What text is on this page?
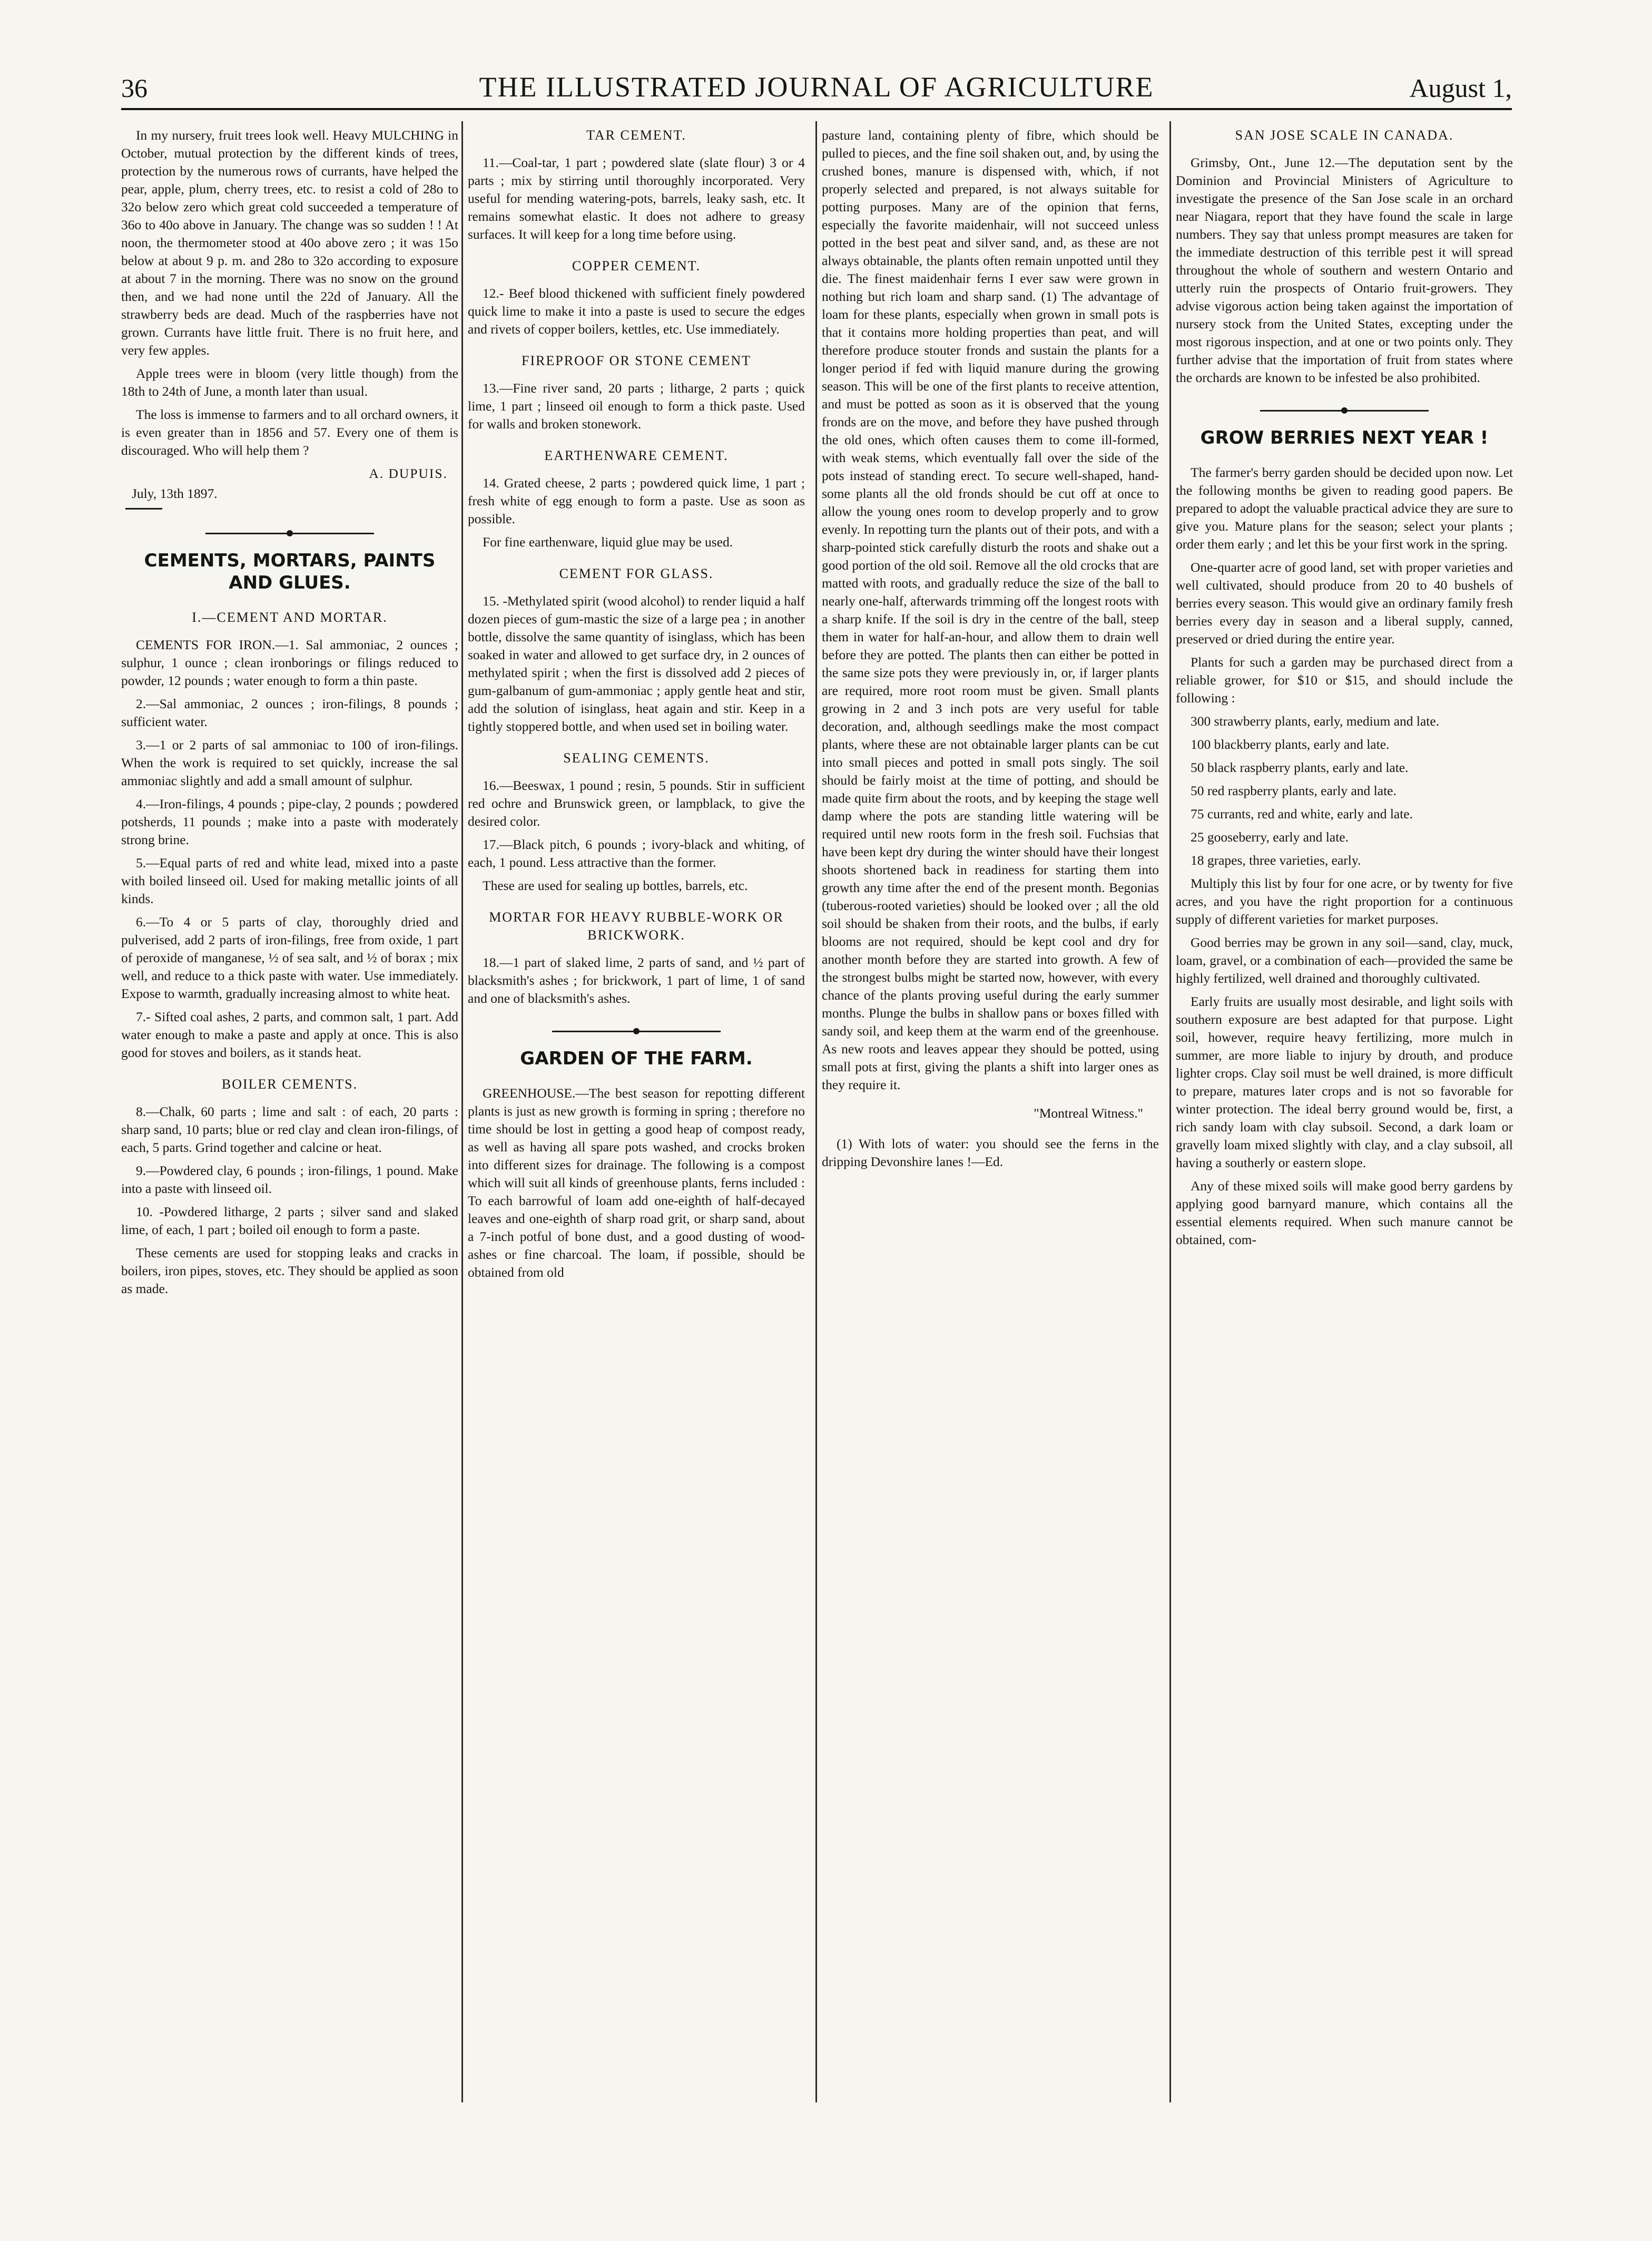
36	THE ILLUSTRATED JOURNAL OF AGRICULTURE	August 1,

In my nursery, fruit trees look well. Heavy MULCHING in October, mutual protection by the different kinds of trees, protection by the numerous rows of currants, have helped the pear, apple, plum, cherry trees, etc. to resist a cold of 28o to 32o below zero which great cold succeeded a temperature of 36o to 40o above in January. The change was so sudden ! ! At noon, the thermometer stood at 40o above zero ; it was 15o below at about 9 p. m. and 28o to 32o according to exposure at about 7 in the morning. There was no snow on the ground then, and we had none until the 22d of January. All the strawberry beds are dead. Much of the raspberries have not grown. Currants have little fruit. There is no fruit here, and very few apples.

Apple trees were in bloom (very little though) from the 18th to 24th of June, a month later than usual.

The loss is immense to farmers and to all orchard owners, it is even greater than in 1856 and 57. Every one of them is discouraged. Who will help them ?

A. DUPUIS.
July, 13th 1897.
CEMENTS, MORTARS, PAINTS AND GLUES.
I.—CEMENT AND MORTAR.

CEMENTS FOR IRON.—1. Sal ammoniac, 2 ounces ; sulphur, 1 ounce ; clean ironborings or filings reduced to powder, 12 pounds ; water enough to form a thin paste.

2.—Sal ammoniac, 2 ounces ; iron-filings, 8 pounds ; sufficient water.

3.—1 or 2 parts of sal ammoniac to 100 of iron-filings. When the work is required to set quickly, increase the sal ammoniac slightly and add a small amount of sulphur.

4.—Iron-filings, 4 pounds ; pipe-clay, 2 pounds ; powdered potsherds, 11 pounds ; make into a paste with moderately strong brine.

5.—Equal parts of red and white lead, mixed into a paste with boiled linseed oil. Used for making metallic joints of all kinds.

6.—To 4 or 5 parts of clay, thoroughly dried and pulverised, add 2 parts of iron-filings, free from oxide, 1 part of peroxide of manganese, ½ of sea salt, and ½ of borax ; mix well, and reduce to a thick paste with water. Use immediately. Expose to warmth, gradually increasing almost to white heat.

7.- Sifted coal ashes, 2 parts, and common salt, 1 part. Add water enough to make a paste and apply at once. This is also good for stoves and boilers, as it stands heat.

BOILER CEMENTS.

8.—Chalk, 60 parts ; lime and salt : of each, 20 parts : sharp sand, 10 parts; blue or red clay and clean iron-filings, of each, 5 parts. Grind together and calcine or heat.

9.—Powdered clay, 6 pounds ; iron-filings, 1 pound. Make into a paste with linseed oil.

10. -Powdered litharge, 2 parts ; silver sand and slaked lime, of each, 1 part ; boiled oil enough to form a paste.

These cements are used for stopping leaks and cracks in boilers, iron pipes, stoves, etc. They should be applied as soon as made.

TAR CEMENT.

11.—Coal-tar, 1 part ; powdered slate (slate flour) 3 or 4 parts ; mix by stirring until thoroughly incorporated. Very useful for mending watering-pots, barrels, leaky sash, etc. It remains somewhat elastic. It does not adhere to greasy surfaces. It will keep for a long time before using.

COPPER CEMENT.

12.- Beef blood thickened with sufficient finely powdered quick lime to make it into a paste is used to secure the edges and rivets of copper boilers, kettles, etc. Use immediately.

FIREPROOF OR STONE CEMENT

13.—Fine river sand, 20 parts ; litharge, 2 parts ; quick lime, 1 part ; linseed oil enough to form a thick paste. Used for walls and broken stonework.

EARTHENWARE CEMENT.

14. Grated cheese, 2 parts ; powdered quick lime, 1 part ; fresh white of egg enough to form a paste. Use as soon as possible.

For fine earthenware, liquid glue may be used.

CEMENT FOR GLASS.

15. -Methylated spirit (wood alcohol) to render liquid a half dozen pieces of gum-mastic the size of a large pea ; in another bottle, dissolve the same quantity of isinglass, which has been soaked in water and allowed to get surface dry, in 2 ounces of methylated spirit ; when the first is dissolved add 2 pieces of gum-galbanum of gum-ammoniac ; apply gentle heat and stir, add the solution of isinglass, heat again and stir. Keep in a tightly stoppered bottle, and when used set in boiling water.

SEALING CEMENTS.

16.—Beeswax, 1 pound ; resin, 5 pounds. Stir in sufficient red ochre and Brunswick green, or lampblack, to give the desired color.

17.—Black pitch, 6 pounds ; ivory-black and whiting, of each, 1 pound. Less attractive than the former.

These are used for sealing up bottles, barrels, etc.

MORTAR FOR HEAVY RUBBLE-WORK OR BRICKWORK.

18.—1 part of slaked lime, 2 parts of sand, and ½ part of blacksmith's ashes ; for brickwork, 1 part of lime, 1 of sand and one of blacksmith's ashes.

GARDEN OF THE FARM.

GREENHOUSE.—The best season for repotting different plants is just as new growth is forming in spring ; therefore no time should be lost in getting a good heap of compost ready, as well as having all spare pots washed, and crocks broken into different sizes for drainage. The following is a compost which will suit all kinds of greenhouse plants, ferns included : To each barrowful of loam add one-eighth of half-decayed leaves and one-eighth of sharp road grit, or sharp sand, about a 7-inch potful of bone dust, and a good dusting of wood-ashes or fine charcoal. The loam, if possible, should be obtained from old

pasture land, containing plenty of fibre, which should be pulled to pieces, and the fine soil shaken out, and, by using the crushed bones, manure is dispensed with, which, if not properly selected and prepared, is not always suitable for potting purposes. Many are of the opinion that ferns, especially the favorite maidenhair, will not succeed unless potted in the best peat and silver sand, and, as these are not always obtainable, the plants often remain unpotted until they die. The finest maidenhair ferns I ever saw were grown in nothing but rich loam and sharp sand. (1) The advantage of loam for these plants, especially when grown in small pots is that it contains more holding properties than peat, and will therefore produce stouter fronds and sustain the plants for a longer period if fed with liquid manure during the growing season. This will be one of the first plants to receive attention, and must be potted as soon as it is observed that the young fronds are on the move, and before they have pushed through the old ones, which often causes them to come ill-formed, with weak stems, which eventually fall over the side of the pots instead of standing erect. To secure well-shaped, hand-some plants all the old fronds should be cut off at once to allow the young ones room to develop properly and to grow evenly. In repotting turn the plants out of their pots, and with a sharp-pointed stick carefully disturb the roots and shake out a good portion of the old soil. Remove all the old crocks that are matted with roots, and gradually reduce the size of the ball to nearly one-half, afterwards trimming off the longest roots with a sharp knife. If the soil is dry in the centre of the ball, steep them in water for half-an-hour, and allow them to drain well before they are potted. The plants then can either be potted in the same size pots they were previously in, or, if larger plants are required, more root room must be given. Small plants growing in 2 and 3 inch pots are very useful for table decoration, and, although seedlings make the most compact plants, where these are not obtainable larger plants can be cut into small pieces and potted in small pots singly. The soil should be fairly moist at the time of potting, and should be made quite firm about the roots, and by keeping the stage well damp where the pots are standing little watering will be required until new roots form in the fresh soil. Fuchsias that have been kept dry during the winter should have their longest shoots shortened back in readiness for starting them into growth any time after the end of the present month. Begonias (tuberous-rooted varieties) should be looked over ; all the old soil should be shaken from their roots, and the bulbs, if early blooms are not required, should be kept cool and dry for another month before they are started into growth. A few of the strongest bulbs might be started now, however, with every chance of the plants proving useful during the early summer months. Plunge the bulbs in shallow pans or boxes filled with sandy soil, and keep them at the warm end of the greenhouse. As new roots and leaves appear they should be potted, using small pots at first, giving the plants a shift into larger ones as they require it.

"Montreal Witness."

(1) With lots of water: you should see the ferns in the dripping Devonshire lanes !—Ed.

SAN JOSE SCALE IN CANADA.

Grimsby, Ont., June 12.—The deputation sent by the Dominion and Provincial Ministers of Agriculture to investigate the presence of the San Jose scale in an orchard near Niagara, report that they have found the scale in large numbers. They say that unless prompt measures are taken for the immediate destruction of this terrible pest it will spread throughout the whole of southern and western Ontario and utterly ruin the prospects of Ontario fruit-growers. They advise vigorous action being taken against the importation of nursery stock from the United States, excepting under the most rigorous inspection, and at one or two points only. They further advise that the importation of fruit from states where the orchards are known to be infested be also prohibited.

GROW BERRIES NEXT YEAR !

The farmer's berry garden should be decided upon now. Let the following months be given to reading good papers. Be prepared to adopt the valuable practical advice they are sure to give you. Mature plans for the season; select your plants ; order them early ; and let this be your first work in the spring.

One-quarter acre of good land, set with proper varieties and well cultivated, should produce from 20 to 40 bushels of berries every season. This would give an ordinary family fresh berries every day in season and a liberal supply, canned, preserved or dried during the entire year.

Plants for such a garden may be purchased direct from a reliable grower, for $10 or $15, and should include the following :

300 strawberry plants, early, medium and late.

100 blackberry plants, early and late.

50 black raspberry plants, early and late.

50 red raspberry plants, early and late.

75 currants, red and white, early and late.

25 gooseberry, early and late.

18 grapes, three varieties, early.

Multiply this list by four for one acre, or by twenty for five acres, and you have the right proportion for a continuous supply of different varieties for market purposes.

Good berries may be grown in any soil—sand, clay, muck, loam, gravel, or a combination of each—provided the same be highly fertilized, well drained and thoroughly cultivated.

Early fruits are usually most desirable, and light soils with southern exposure are best adapted for that purpose. Light soil, however, require heavy fertilizing, more mulch in summer, are more liable to injury by drouth, and produce lighter crops. Clay soil must be well drained, is more difficult to prepare, matures later crops and is not so favorable for winter protection. The ideal berry ground would be, first, a rich sandy loam with clay subsoil. Second, a dark loam or gravelly loam mixed slightly with clay, and a clay subsoil, all having a southerly or eastern slope.

Any of these mixed soils will make good berry gardens by applying good barnyard manure, which contains all the essential elements required. When such manure cannot be obtained, com-
